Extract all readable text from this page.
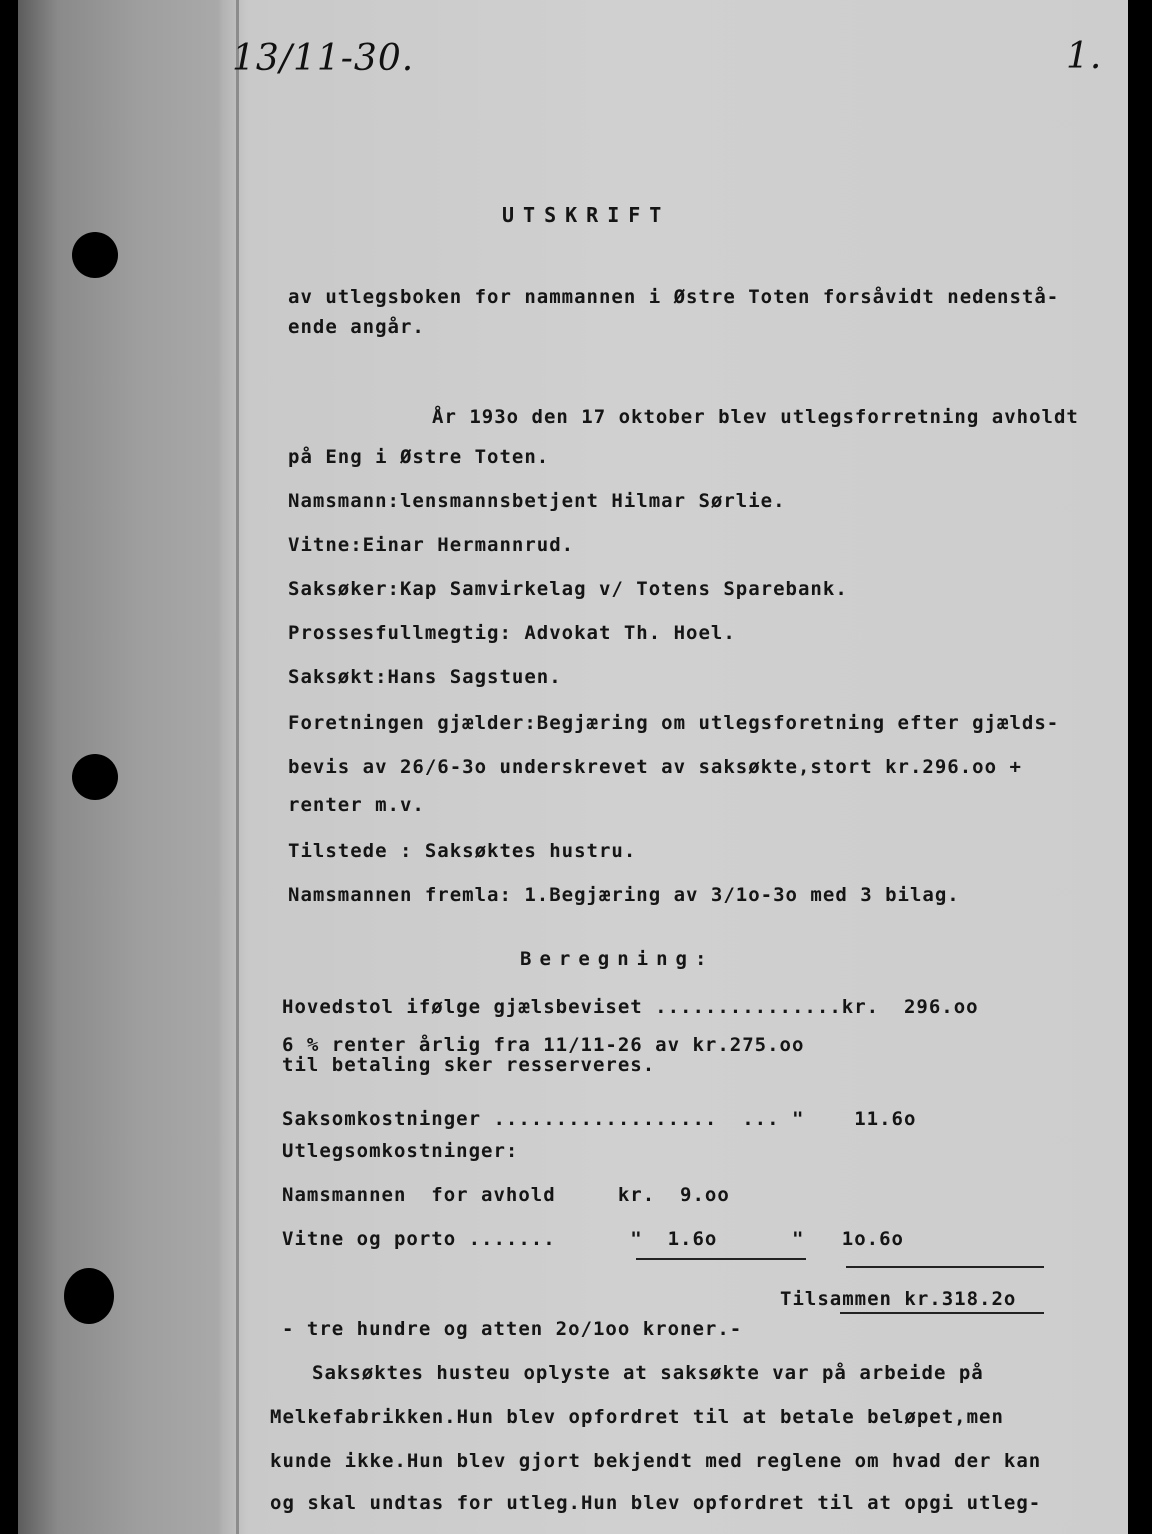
13/11-30.	1.
UTSKRIFT
av utlegsboken for nammannen i Østre Toten forsåvidt nedenstå-
ende angår.
År 193o den 17 oktober blev utlegsforretning avholdt
på Eng i Østre Toten.
Namsmann:lensmannsbetjent Hilmar Sørlie.
Vitne:Einar Hermannrud.
Saksøker:Kap Samvirkelag v/ Totens Sparebank.
Prossesfullmegtig: Advokat Th. Hoel.
Saksøkt:Hans Sagstuen.
Foretningen gjælder:Begjæring om utlegsforetning efter gjælds-
bevis av 26/6-3o underskrevet av saksøkte,stort kr.296.oo +
renter m.v.
Tilstede : Saksøktes hustru.
Namsmannen fremla: 1.Begjæring av 3/1o-3o med 3 bilag.
Beregning:
Hovedstol ifølge gjælsbeviset ...............kr.  296.oo
6 % renter årlig fra 11/11-26 av kr.275.oo
til betaling sker resserveres.
Saksomkostninger ..................  ... "    11.6o
Utlegsomkostninger:
Namsmannen  for avhold     kr.  9.oo
Vitne og porto .......      "  1.6o      "   1o.6o
Tilsammen kr.318.2o
- tre hundre og atten 2o/1oo kroner.-
Saksøktes husteu oplyste at saksøkte var på arbeide på
Melkefabrikken.Hun blev opfordret til at betale beløpet,men
kunde ikke.Hun blev gjort bekjendt med reglene om hvad der kan
og skal undtas for utleg.Hun blev opfordret til at opgi utleg-
